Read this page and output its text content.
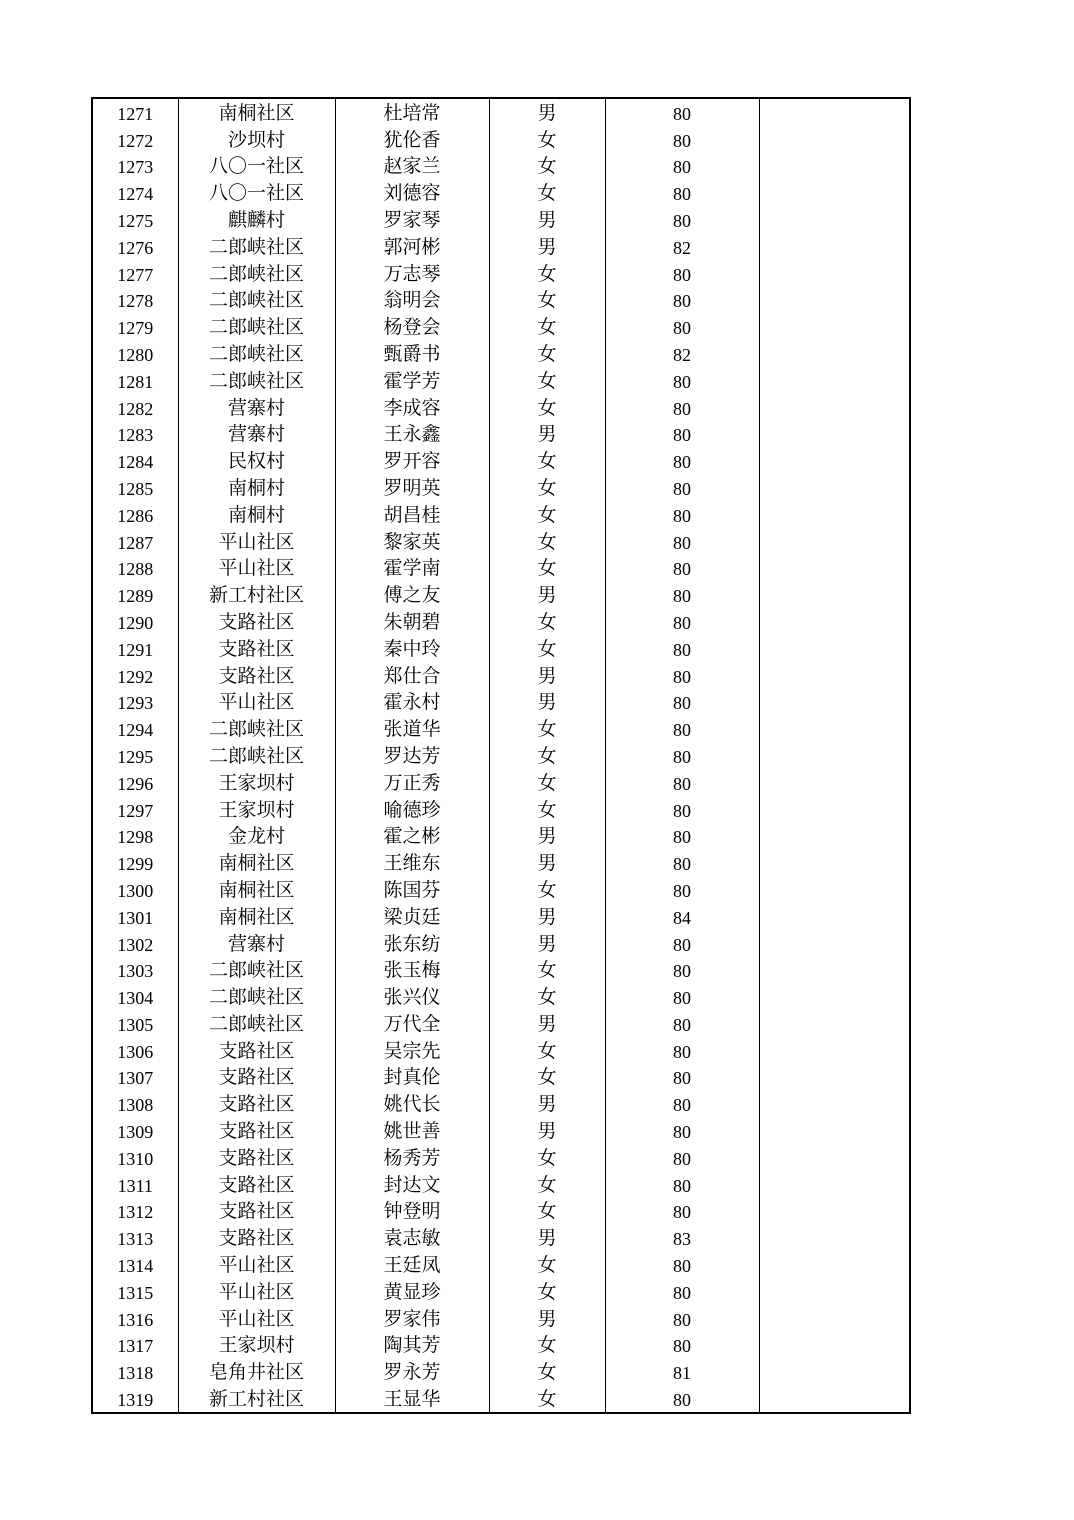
1271	南桐社区	杜培常	男	80	
1272	沙坝村	犹伦香	女	80	
1273	八〇一社区	赵家兰	女	80	
1274	八〇一社区	刘德容	女	80	
1275	麒麟村	罗家琴	男	80	
1276	二郎峡社区	郭河彬	男	82	
1277	二郎峡社区	万志琴	女	80	
1278	二郎峡社区	翁明会	女	80	
1279	二郎峡社区	杨登会	女	80	
1280	二郎峡社区	甄爵书	女	82	
1281	二郎峡社区	霍学芳	女	80	
1282	营寨村	李成容	女	80	
1283	营寨村	王永鑫	男	80	
1284	民权村	罗开容	女	80	
1285	南桐村	罗明英	女	80	
1286	南桐村	胡昌桂	女	80	
1287	平山社区	黎家英	女	80	
1288	平山社区	霍学南	女	80	
1289	新工村社区	傅之友	男	80	
1290	支路社区	朱朝碧	女	80	
1291	支路社区	秦中玲	女	80	
1292	支路社区	郑仕合	男	80	
1293	平山社区	霍永村	男	80	
1294	二郎峡社区	张道华	女	80	
1295	二郎峡社区	罗达芳	女	80	
1296	王家坝村	万正秀	女	80	
1297	王家坝村	喻德珍	女	80	
1298	金龙村	霍之彬	男	80	
1299	南桐社区	王维东	男	80	
1300	南桐社区	陈国芬	女	80	
1301	南桐社区	梁贞廷	男	84	
1302	营寨村	张东纺	男	80	
1303	二郎峡社区	张玉梅	女	80	
1304	二郎峡社区	张兴仪	女	80	
1305	二郎峡社区	万代全	男	80	
1306	支路社区	吴宗先	女	80	
1307	支路社区	封真伦	女	80	
1308	支路社区	姚代长	男	80	
1309	支路社区	姚世善	男	80	
1310	支路社区	杨秀芳	女	80	
1311	支路社区	封达文	女	80	
1312	支路社区	钟登明	女	80	
1313	支路社区	袁志敏	男	83	
1314	平山社区	王廷凤	女	80	
1315	平山社区	黄显珍	女	80	
1316	平山社区	罗家伟	男	80	
1317	王家坝村	陶其芳	女	80	
1318	皂角井社区	罗永芳	女	81	
1319	新工村社区	王显华	女	80	
